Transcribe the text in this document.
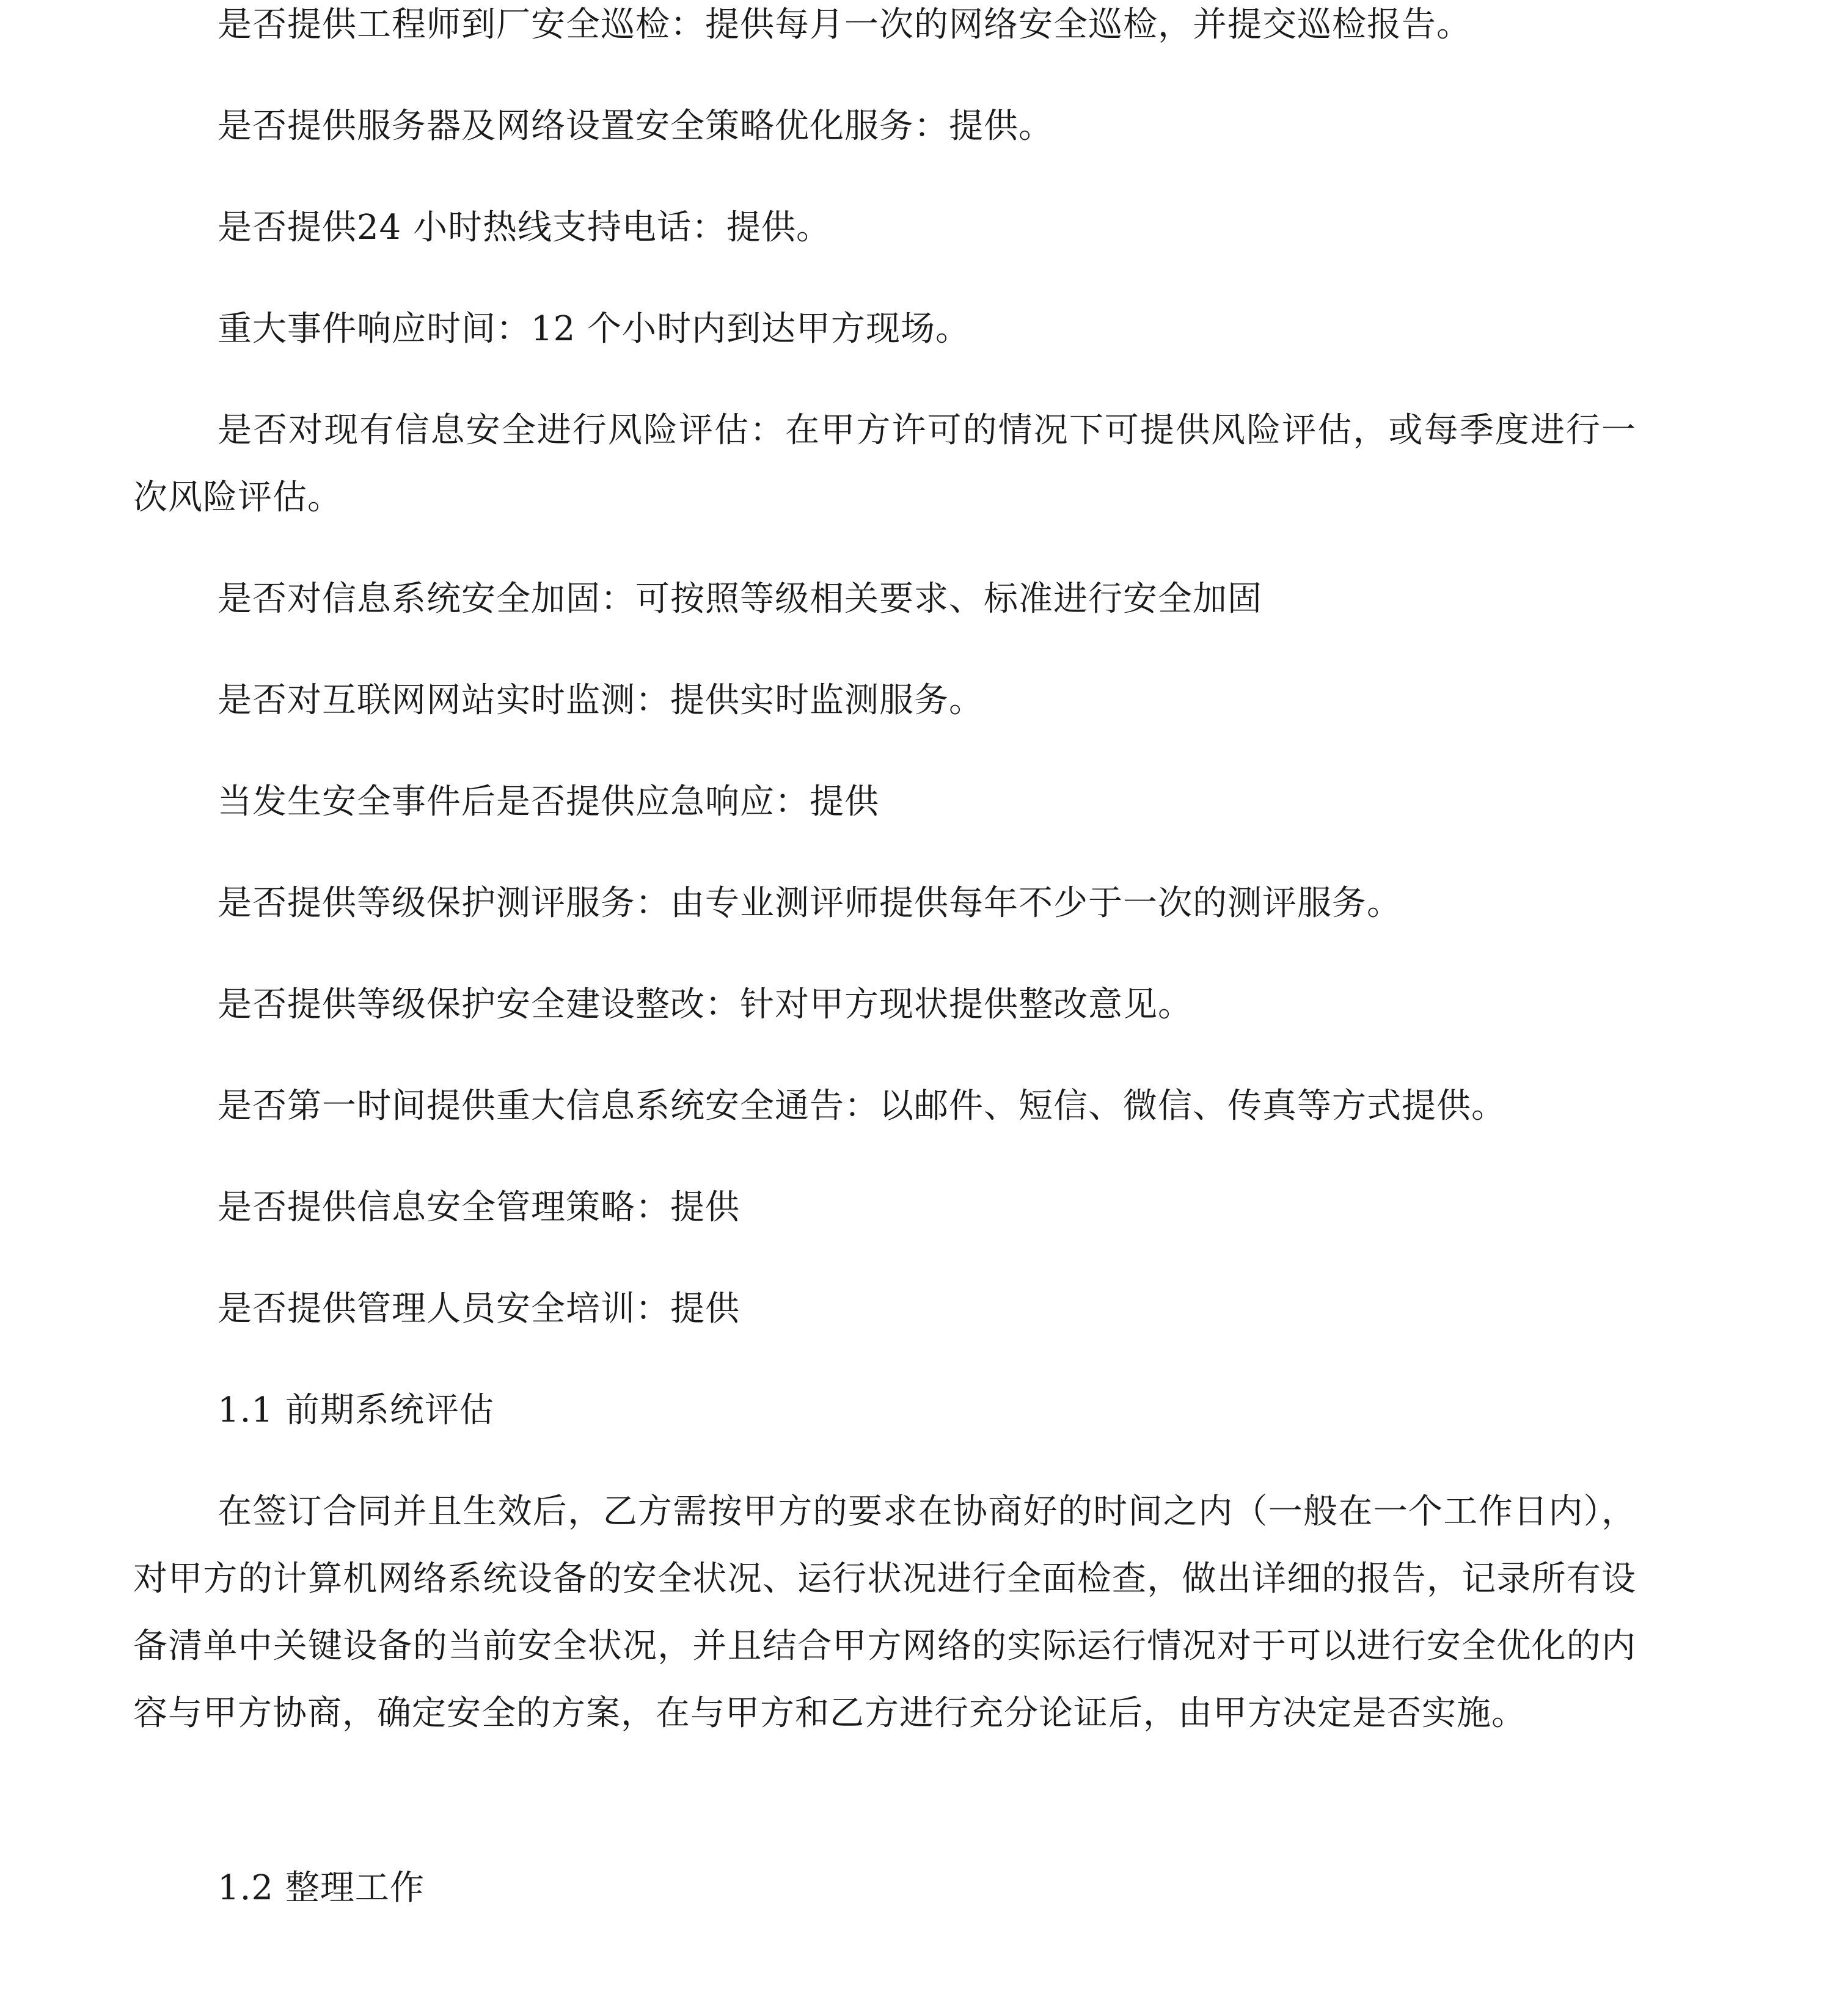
是否提供工程师到厂安全巡检：提供每月一次的网络安全巡检，并提交巡检报告。

是否提供服务器及网络设置安全策略优化服务：提供。

是否提供24 小时热线支持电话：提供。

重大事件响应时间：12 个小时内到达甲方现场。

是否对现有信息安全进行风险评估：在甲方许可的情况下可提供风险评估，或每季度进行一次风险评估。

是否对信息系统安全加固：可按照等级相关要求、标准进行安全加固

是否对互联网网站实时监测：提供实时监测服务。

当发生安全事件后是否提供应急响应：提供

是否提供等级保护测评服务：由专业测评师提供每年不少于一次的测评服务。

是否提供等级保护安全建设整改：针对甲方现状提供整改意见。

是否第一时间提供重大信息系统安全通告：以邮件、短信、微信、传真等方式提供。

是否提供信息安全管理策略：提供

是否提供管理人员安全培训：提供

1.1 前期系统评估

在签订合同并且生效后，乙方需按甲方的要求在协商好的时间之内（一般在一个工作日内），对甲方的计算机网络系统设备的安全状况、运行状况进行全面检查，做出详细的报告，记录所有设备清单中关键设备的当前安全状况，并且结合甲方网络的实际运行情况对于可以进行安全优化的内容与甲方协商，确定安全的方案，在与甲方和乙方进行充分论证后，由甲方决定是否实施。

1.2 整理工作
